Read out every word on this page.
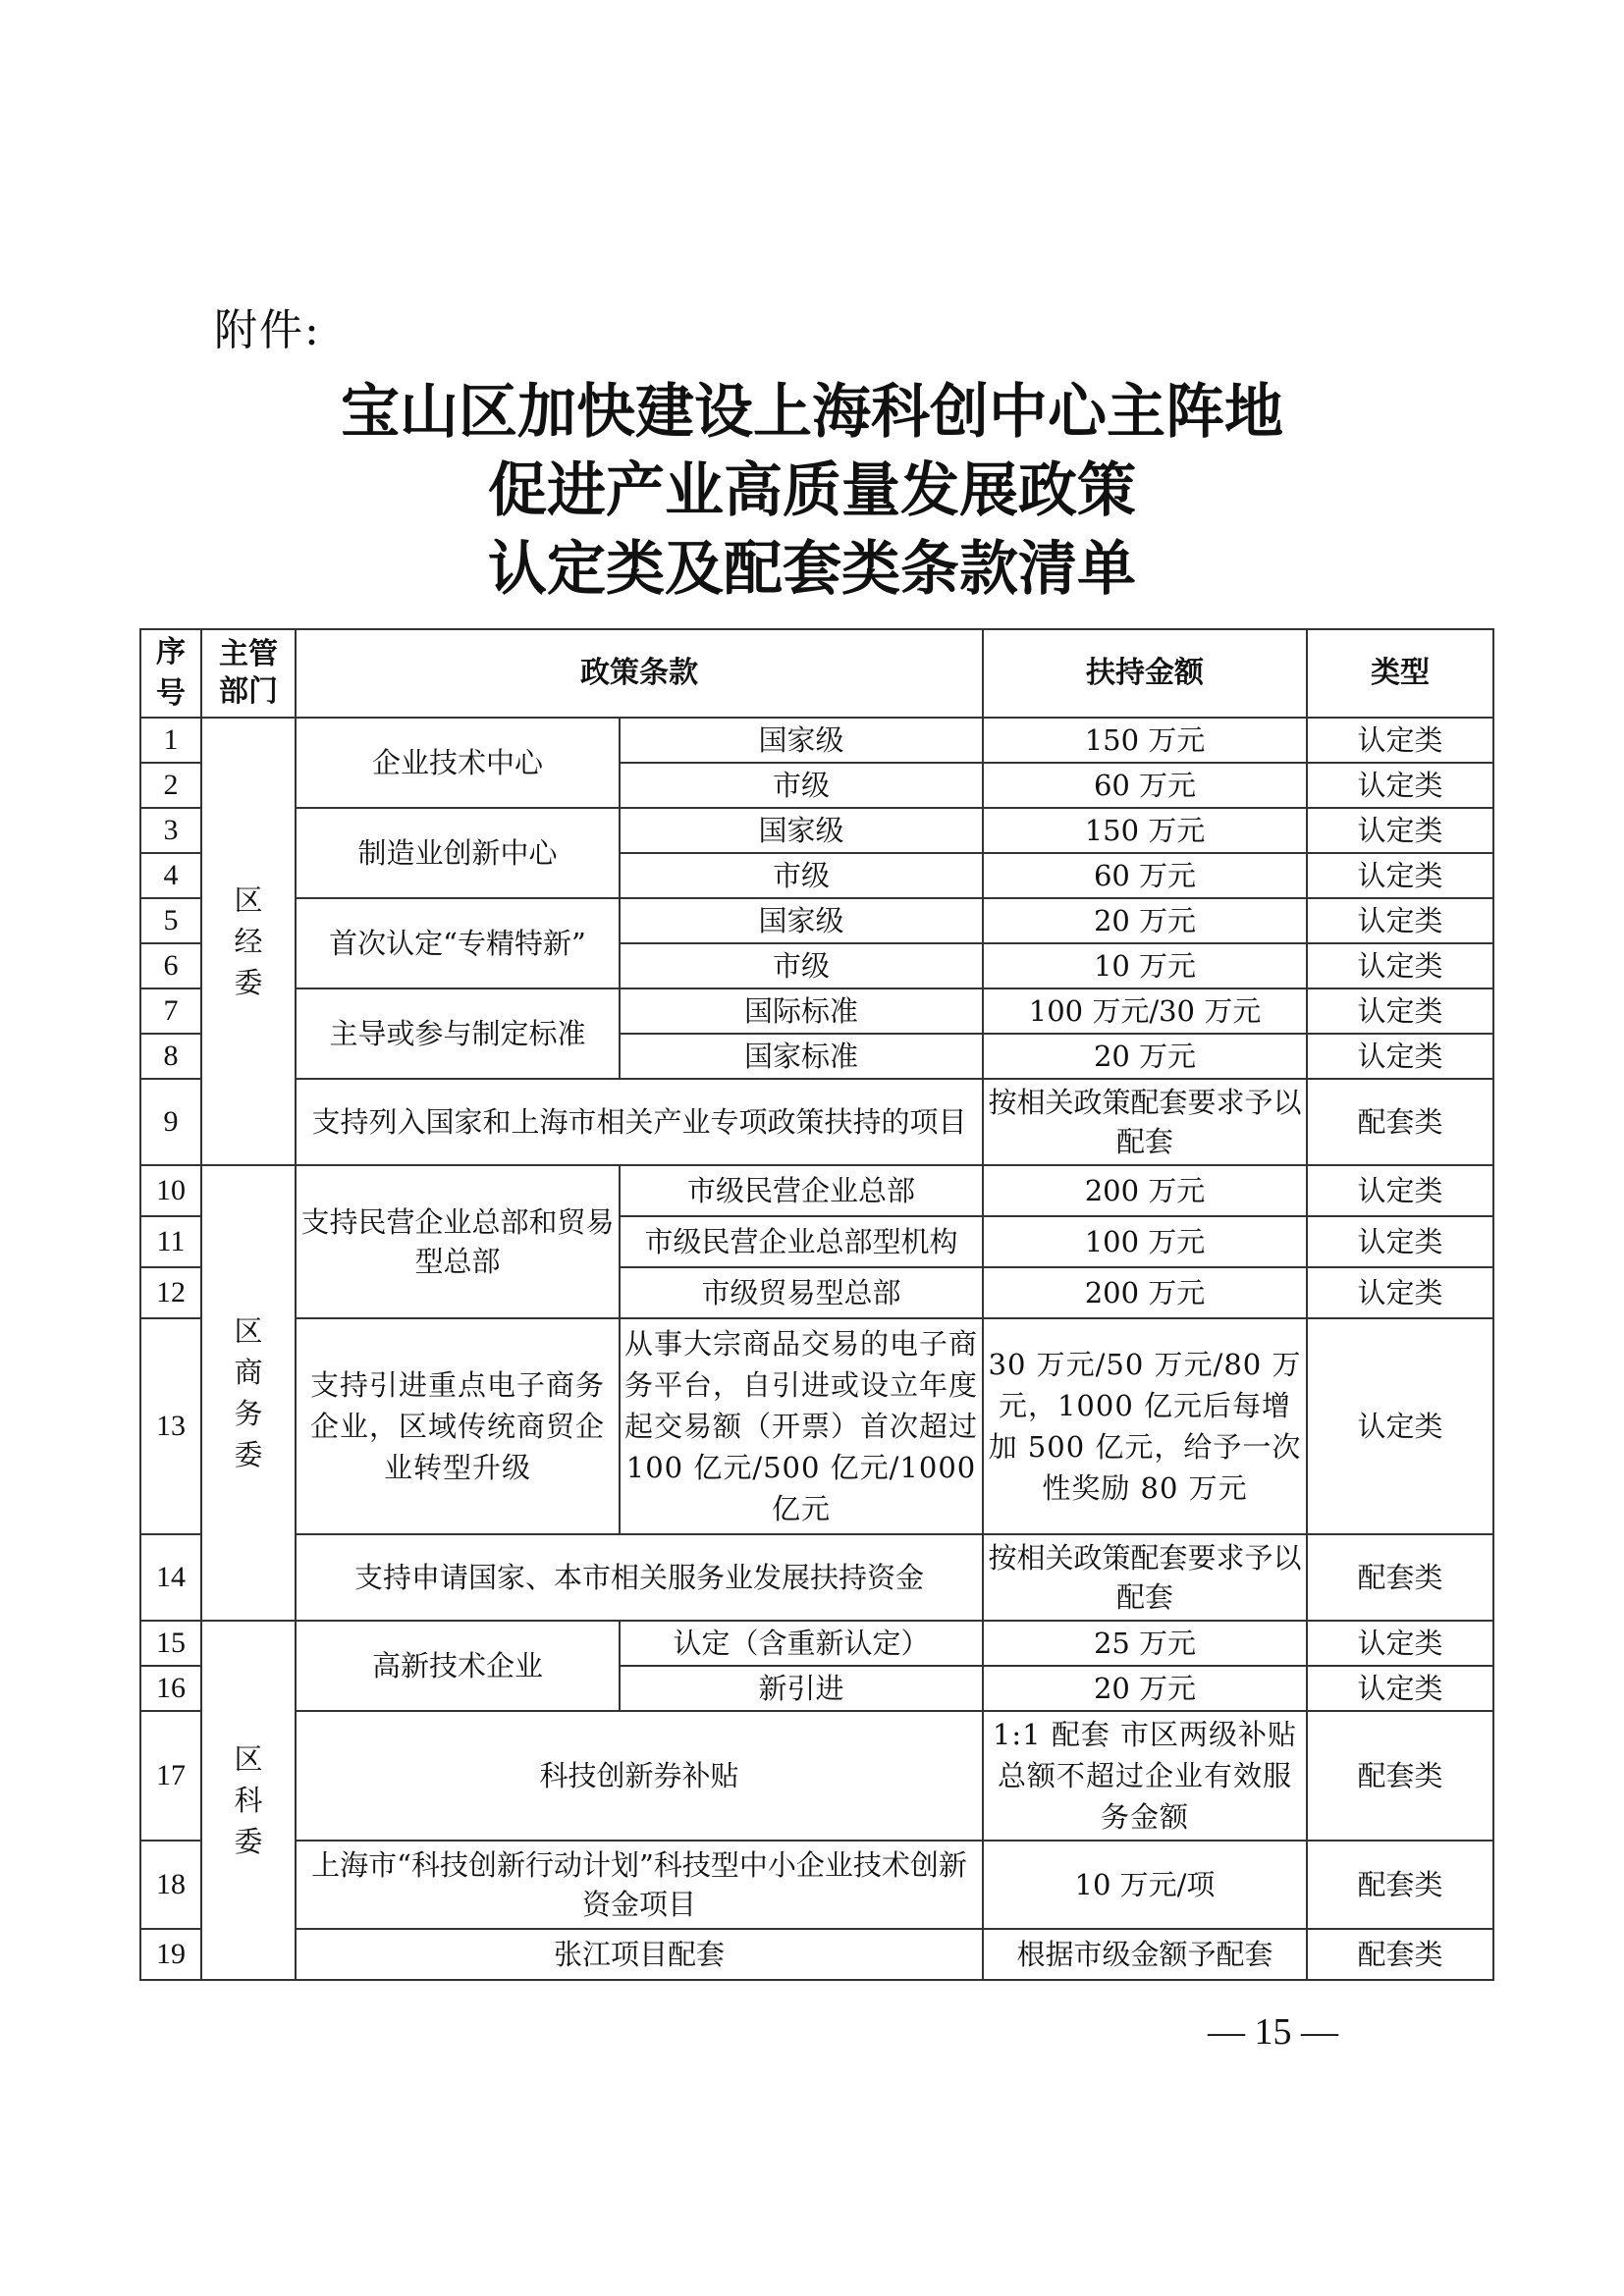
附件:
宝山区加快建设上海科创中心主阵地
促进产业高质量发展政策
认定类及配套类条款清单
序号	主管部门	政策条款		扶持金额	类型
1	区经委	企业技术中心	国家级	150 万元	认定类
2			市级	60 万元	认定类
3		制造业创新中心	国家级	150 万元	认定类
4			市级	60 万元	认定类
5		首次认定“专精特新”	国家级	20 万元	认定类
6			市级	10 万元	认定类
7		主导或参与制定标准	国际标准	100 万元/30 万元	认定类
8			国家标准	20 万元	认定类
9		支持列入国家和上海市相关产业专项政策扶持的项目		按相关政策配套要求予以配套	配套类
10	区商务委	支持民营企业总部和贸易型总部	市级民营企业总部	200 万元	认定类
11			市级民营企业总部型机构	100 万元	认定类
12			市级贸易型总部	200 万元	认定类
13		支持引进重点电子商务企业，区域传统商贸企业转型升级	从事大宗商品交易的电子商务平台，自引进或设立年度起交易额（开票）首次超过 100 亿元/500 亿元/1000 亿元	30 万元/50 万元/80 万元，1000 亿元后每增加 500 亿元，给予一次性奖励 80 万元	认定类
14		支持申请国家、本市相关服务业发展扶持资金		按相关政策配套要求予以配套	配套类
15	区科委	高新技术企业	认定（含重新认定）	25 万元	认定类
16			新引进	20 万元	认定类
17		科技创新券补贴		1:1 配套 市区两级补贴总额不超过企业有效服务金额	配套类
18		上海市“科技创新行动计划”科技型中小企业技术创新资金项目		10 万元/项	配套类
19		张江项目配套		根据市级金额予配套	配套类
— 15 —
